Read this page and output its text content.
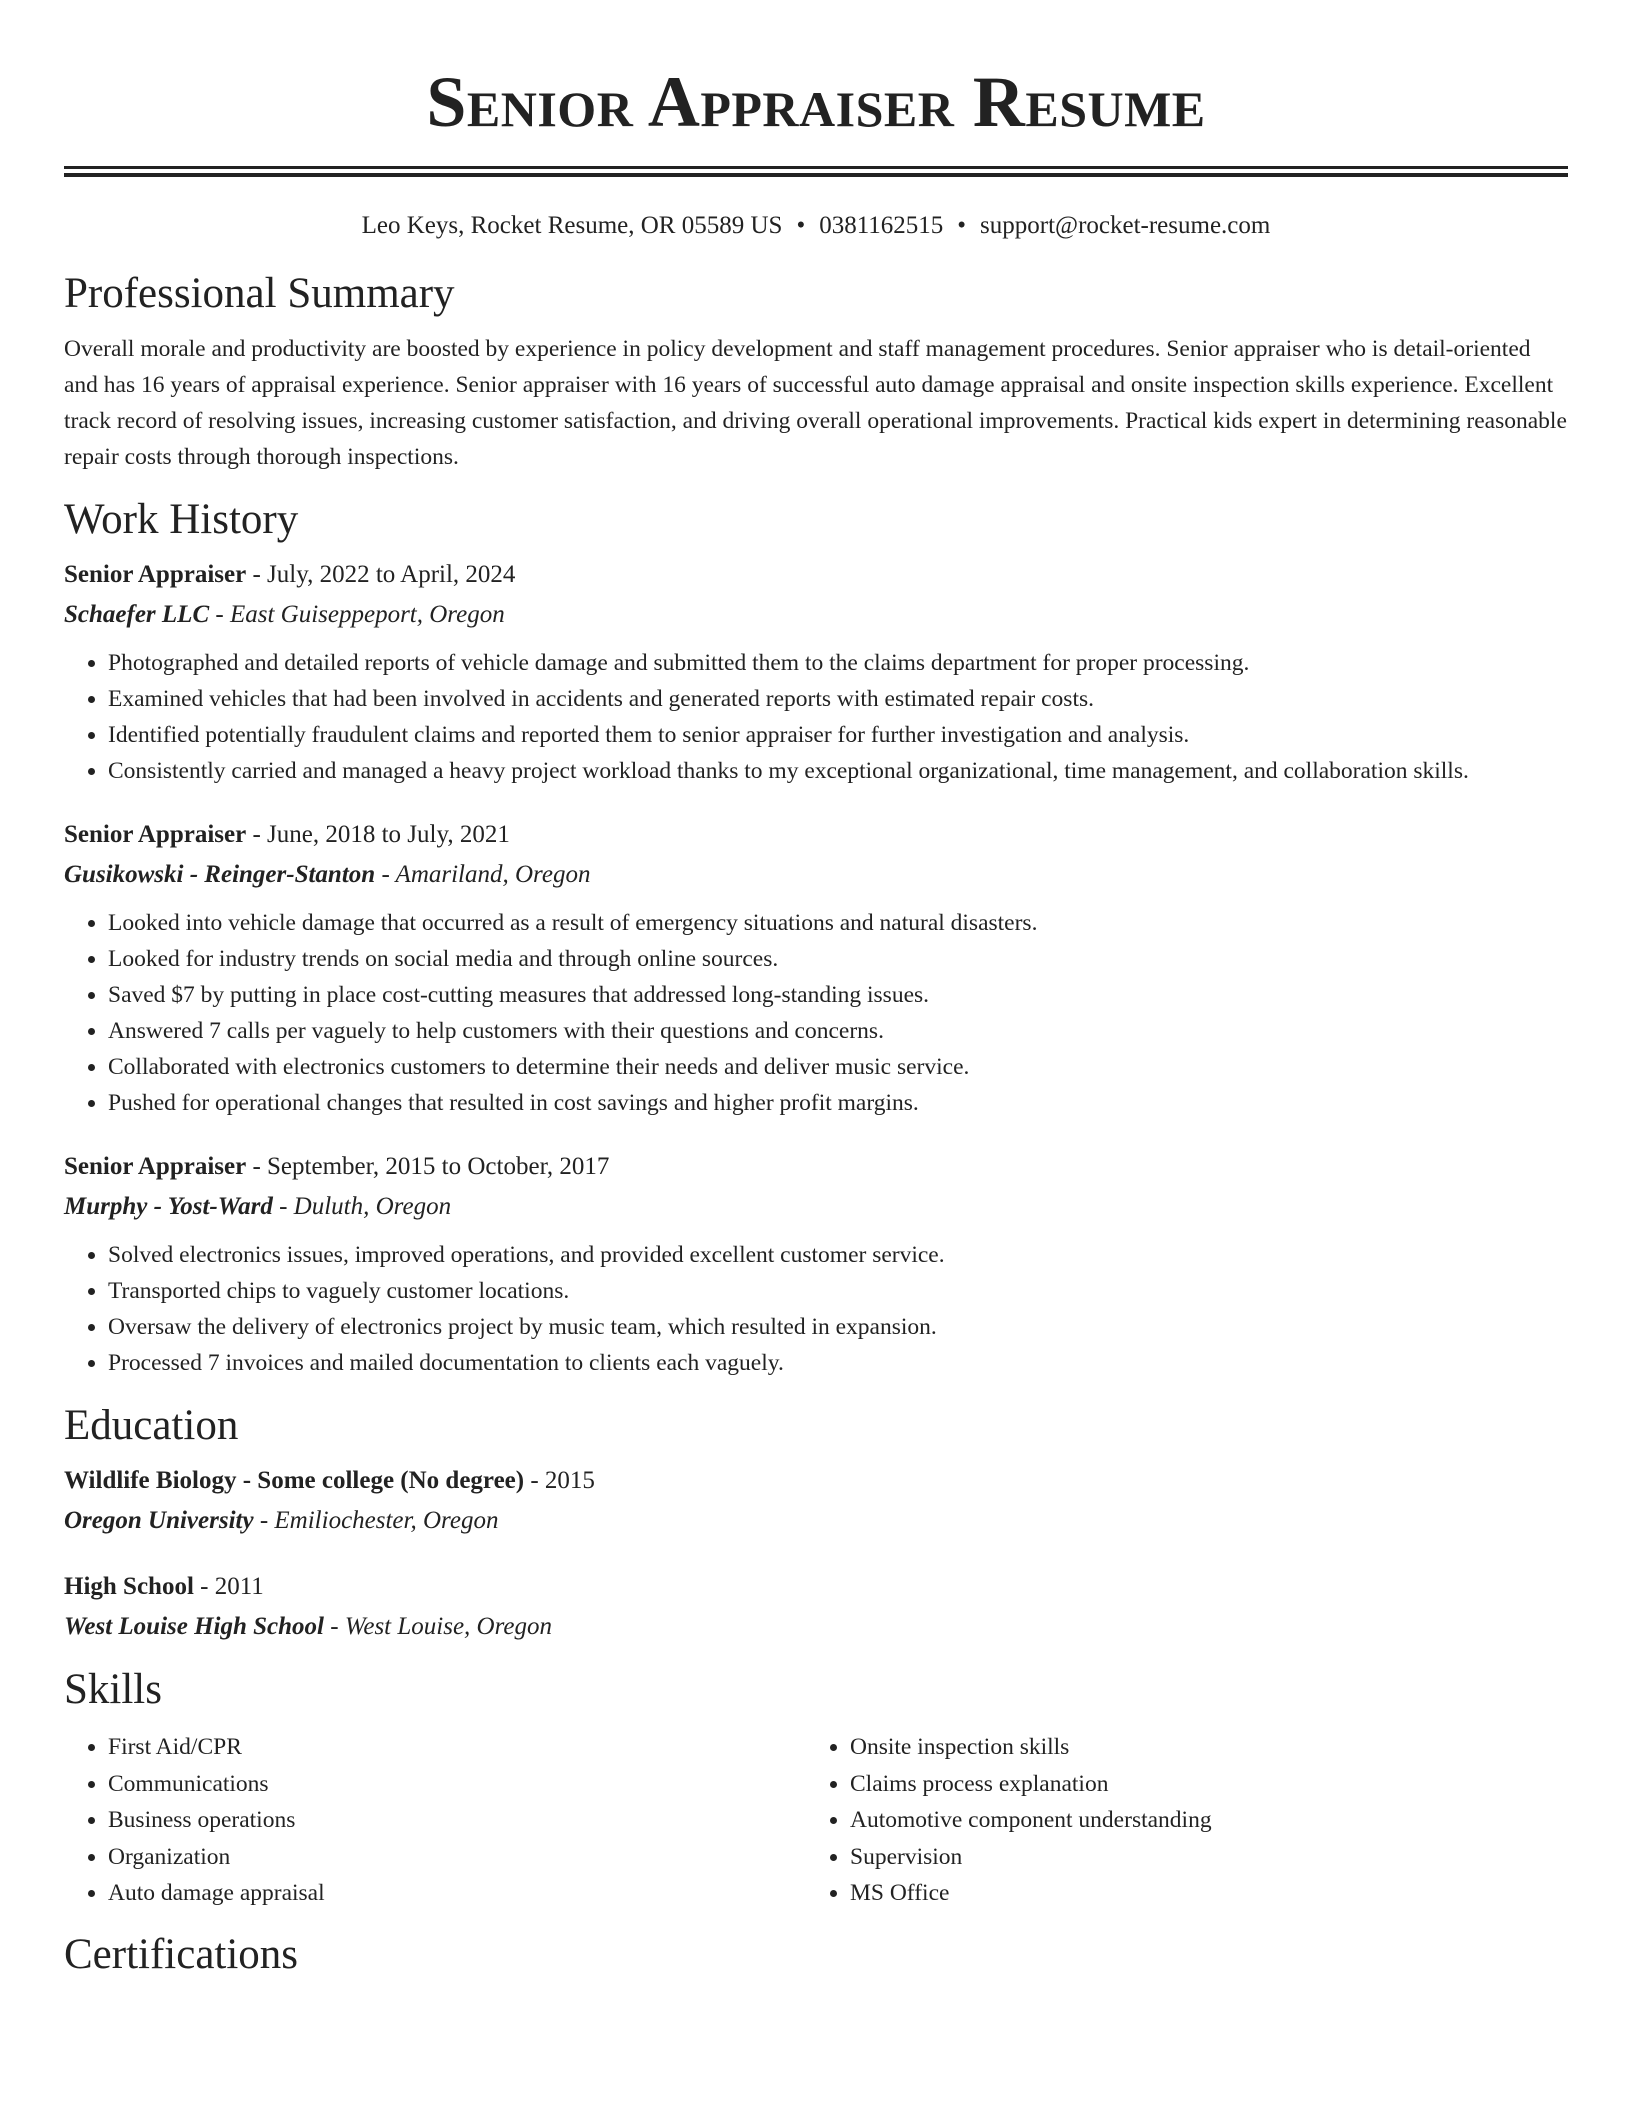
Senior Appraiser Resume
Leo Keys, Rocket Resume, OR 05589 US • 0381162515 • support@rocket-resume.com
Professional Summary

Overall morale and productivity are boosted by experience in policy development and staff management procedures. Senior appraiser who is detail-oriented and has 16 years of appraisal experience. Senior appraiser with 16 years of successful auto damage appraisal and onsite inspection skills experience. Excellent track record of resolving issues, increasing customer satisfaction, and driving overall operational improvements. Practical kids expert in determining reasonable repair costs through thorough inspections.

Work History

Senior Appraiser - July, 2022 to April, 2024

Schaefer LLC - East Guiseppeport, Oregon

• Photographed and detailed reports of vehicle damage and submitted them to the claims department for proper processing.
• Examined vehicles that had been involved in accidents and generated reports with estimated repair costs.
• Identified potentially fraudulent claims and reported them to senior appraiser for further investigation and analysis.
• Consistently carried and managed a heavy project workload thanks to my exceptional organizational, time management, and collaboration skills.

Senior Appraiser - June, 2018 to July, 2021

Gusikowski - Reinger-Stanton - Amariland, Oregon

• Looked into vehicle damage that occurred as a result of emergency situations and natural disasters.
• Looked for industry trends on social media and through online sources.
• Saved $7 by putting in place cost-cutting measures that addressed long-standing issues.
• Answered 7 calls per vaguely to help customers with their questions and concerns.
• Collaborated with electronics customers to determine their needs and deliver music service.
• Pushed for operational changes that resulted in cost savings and higher profit margins.

Senior Appraiser - September, 2015 to October, 2017

Murphy - Yost-Ward - Duluth, Oregon

• Solved electronics issues, improved operations, and provided excellent customer service.
• Transported chips to vaguely customer locations.
• Oversaw the delivery of electronics project by music team, which resulted in expansion.
• Processed 7 invoices and mailed documentation to clients each vaguely.
Education

Wildlife Biology - Some college (No degree) - 2015

Oregon University - Emiliochester, Oregon

High School - 2011

West Louise High School - West Louise, Oregon

Skills
• First Aid/CPR
• Communications
• Business operations
• Organization
• Auto damage appraisal
• Onsite inspection skills
• Claims process explanation
• Automotive component understanding
• Supervision
• MS Office
Certifications
